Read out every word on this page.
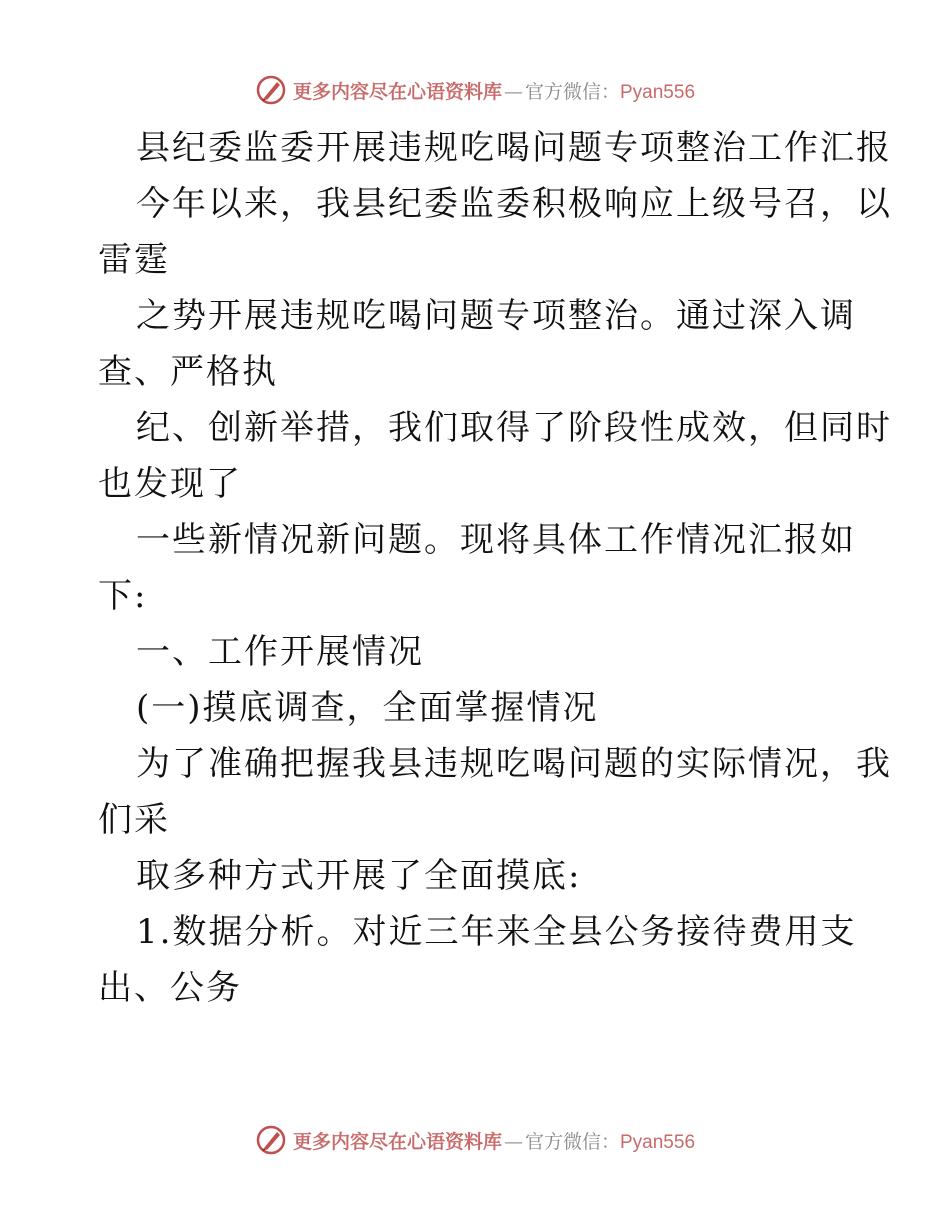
更多内容尽在心语资料库 — 官方微信：Pyan556
县纪委监委开展违规吃喝问题专项整治工作汇报
今年以来，我县纪委监委积极响应上级号召，以
雷霆
之势开展违规吃喝问题专项整治。通过深入调
查、严格执
纪、创新举措，我们取得了阶段性成效，但同时
也发现了
一些新情况新问题。现将具体工作情况汇报如
下:
一、工作开展情况
(一)摸底调查，全面掌握情况
为了准确把握我县违规吃喝问题的实际情况，我
们采
取多种方式开展了全面摸底:
1.数据分析。对近三年来全县公务接待费用支
出、公务
更多内容尽在心语资料库 — 官方微信：Pyan556
